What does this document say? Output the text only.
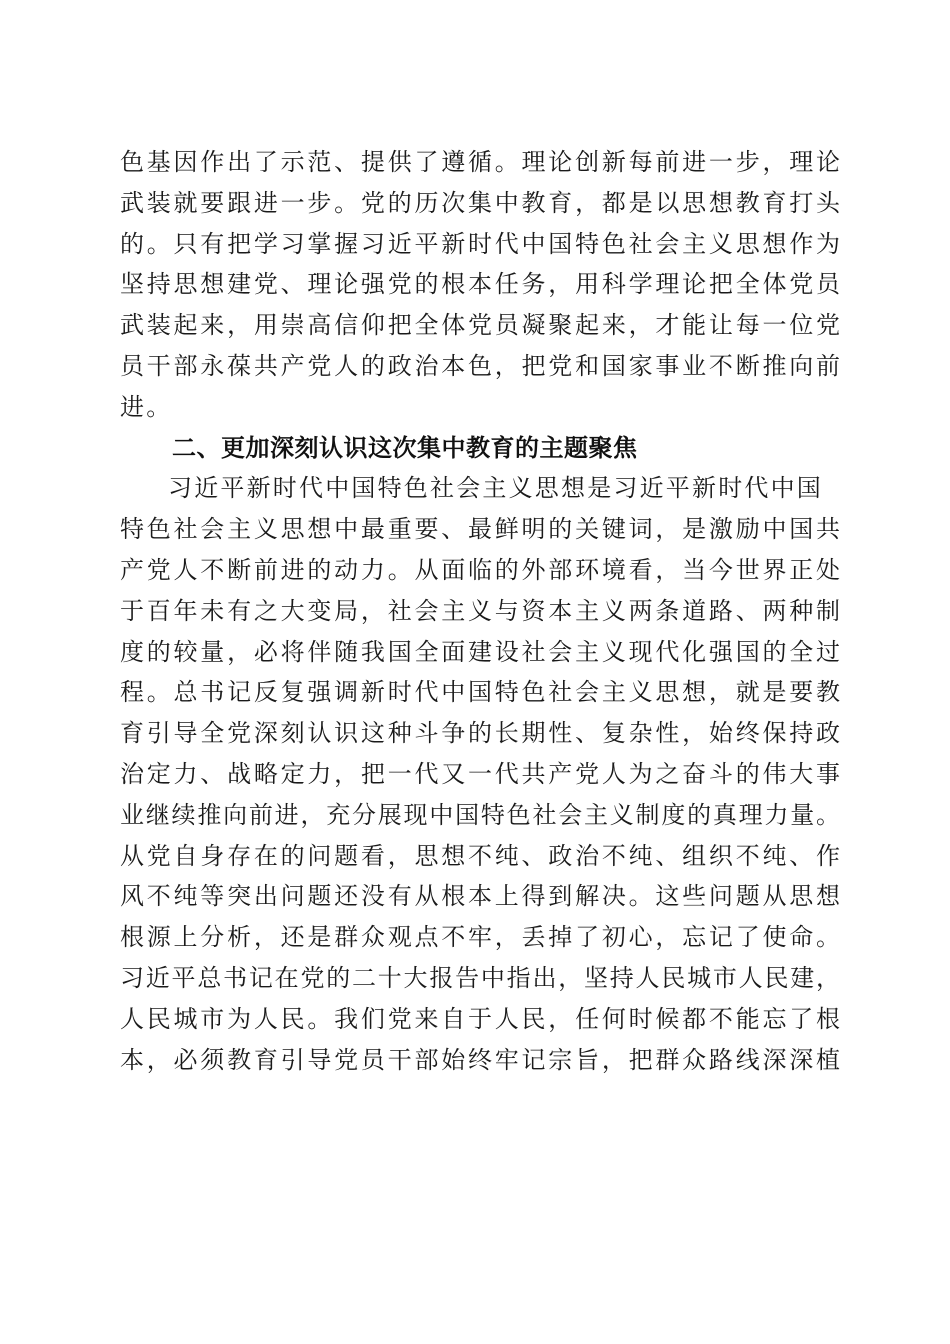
色基因作出了示范、提供了遵循。理论创新每前进一步，理论
武装就要跟进一步。党的历次集中教育，都是以思想教育打头
的。只有把学习掌握习近平新时代中国特色社会主义思想作为
坚持思想建党、理论强党的根本任务，用科学理论把全体党员
武装起来，用崇高信仰把全体党员凝聚起来，才能让每一位党
员干部永葆共产党人的政治本色，把党和国家事业不断推向前
进。
二、更加深刻认识这次集中教育的主题聚焦
习近平新时代中国特色社会主义思想是习近平新时代中国
特色社会主义思想中最重要、最鲜明的关键词，是激励中国共
产党人不断前进的动力。从面临的外部环境看，当今世界正处
于百年未有之大变局，社会主义与资本主义两条道路、两种制
度的较量，必将伴随我国全面建设社会主义现代化强国的全过
程。总书记反复强调新时代中国特色社会主义思想，就是要教
育引导全党深刻认识这种斗争的长期性、复杂性，始终保持政
治定力、战略定力，把一代又一代共产党人为之奋斗的伟大事
业继续推向前进，充分展现中国特色社会主义制度的真理力量。
从党自身存在的问题看，思想不纯、政治不纯、组织不纯、作
风不纯等突出问题还没有从根本上得到解决。这些问题从思想
根源上分析，还是群众观点不牢，丢掉了初心，忘记了使命。
习近平总书记在党的二十大报告中指出，坚持人民城市人民建，
人民城市为人民。我们党来自于人民，任何时候都不能忘了根
本，必须教育引导党员干部始终牢记宗旨，把群众路线深深植
